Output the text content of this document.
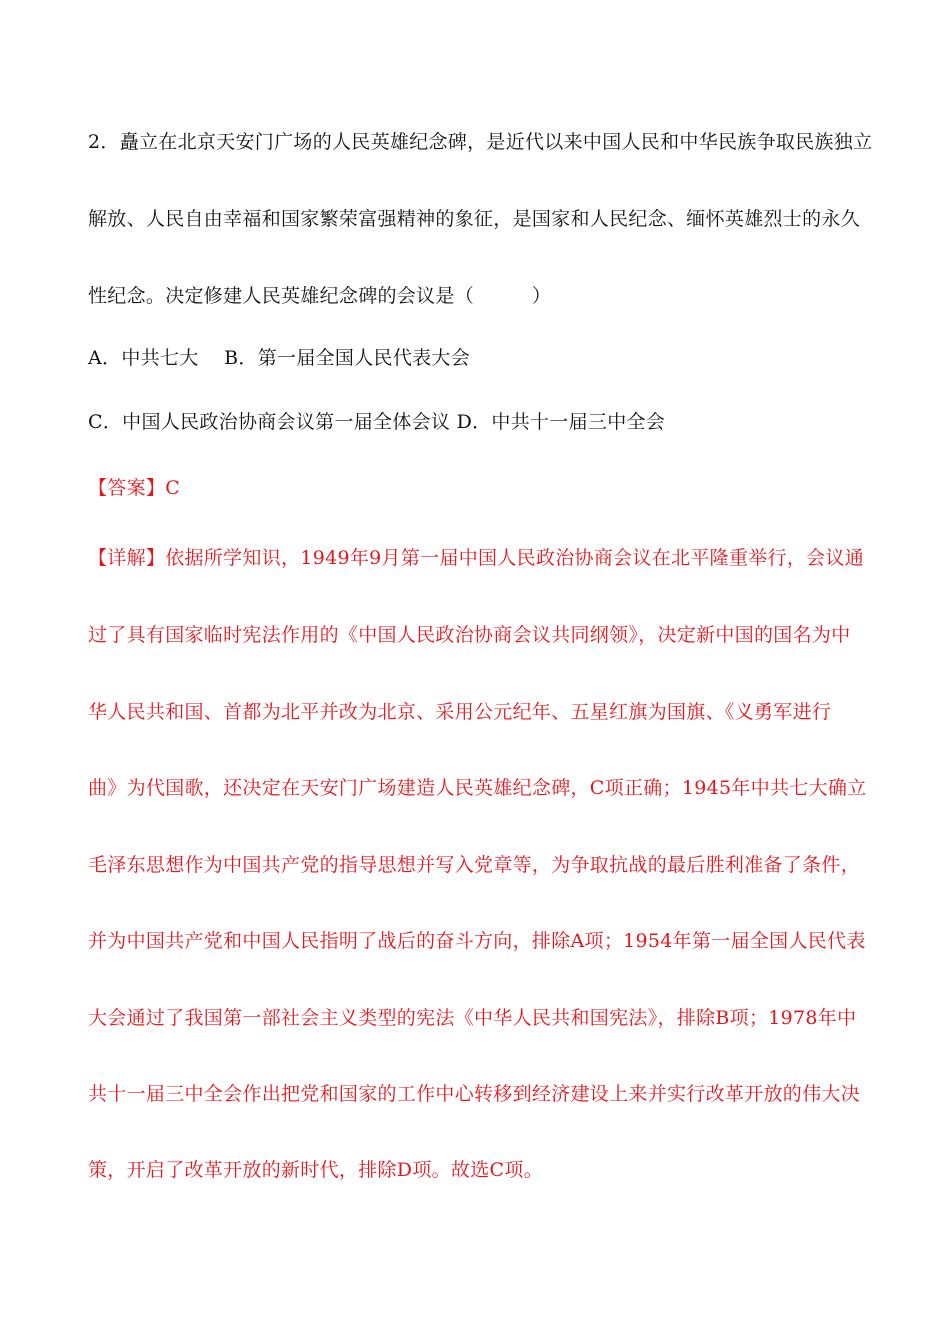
2．矗立在北京天安门广场的人民英雄纪念碑，是近代以来中国人民和中华民族争取民族独立
解放、人民自由幸福和国家繁荣富强精神的象征，是国家和人民纪念、缅怀英雄烈士的永久
性纪念。决定修建人民英雄纪念碑的会议是（　　　）
A．中共七大　 B．第一届全国人民代表大会
C．中国人民政治协商会议第一届全体会议 D．中共十一届三中全会
【答案】C
【详解】依据所学知识，1949年9月第一届中国人民政治协商会议在北平隆重举行，会议通
过了具有国家临时宪法作用的《中国人民政治协商会议共同纲领》，决定新中国的国名为中
华人民共和国、首都为北平并改为北京、采用公元纪年、五星红旗为国旗、《义勇军进行
曲》为代国歌，还决定在天安门广场建造人民英雄纪念碑，C项正确；1945年中共七大确立
毛泽东思想作为中国共产党的指导思想并写入党章等，为争取抗战的最后胜利准备了条件，
并为中国共产党和中国人民指明了战后的奋斗方向，排除A项；1954年第一届全国人民代表
大会通过了我国第一部社会主义类型的宪法《中华人民共和国宪法》，排除B项；1978年中
共十一届三中全会作出把党和国家的工作中心转移到经济建设上来并实行改革开放的伟大决
策，开启了改革开放的新时代，排除D项。故选C项。
